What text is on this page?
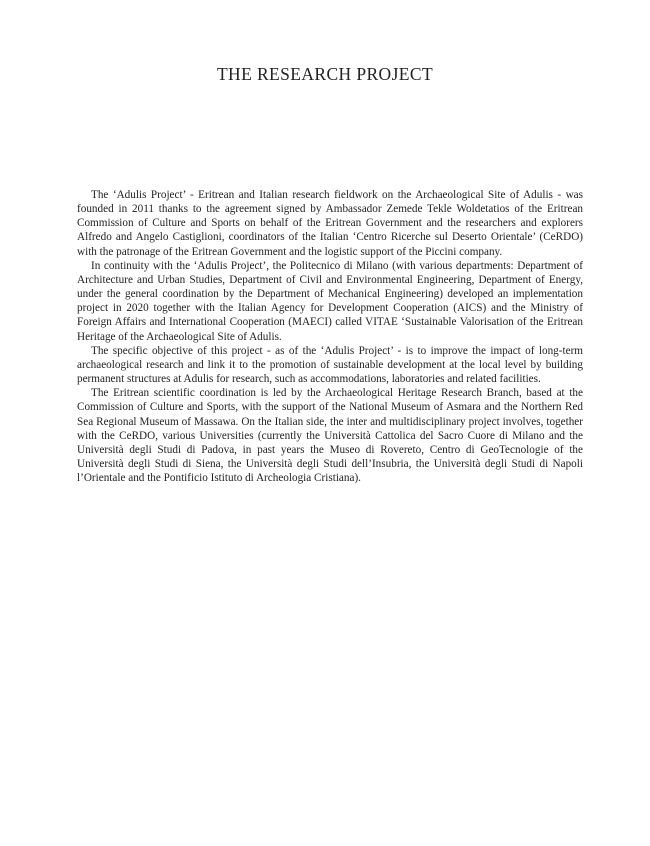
THE RESEARCH PROJECT

The ‘Adulis Project’ - Eritrean and Italian research fieldwork on the Archaeological Site of Adulis - was founded in 2011 thanks to the agreement signed by Ambassador Zemede Tekle Woldetatios of the Eritrean Commission of Culture and Sports on behalf of the Eritrean Government and the researchers and explorers Alfredo and Angelo Castiglioni, coordinators of the Italian ‘Centro Ricerche sul Deserto Orientale’ (CeRDO) with the patronage of the Eritrean Government and the logistic support of the Piccini company.

In continuity with the ‘Adulis Project’, the Politecnico di Milano (with various departments: Department of Architecture and Urban Studies, Department of Civil and Environmental Engineering, Department of Energy, under the general coordination by the Department of Mechanical Engineering) developed an implementation project in 2020 together with the Italian Agency for Development Cooperation (AICS) and the Ministry of Foreign Affairs and International Cooperation (MAECI) called VITAE ‘Sustainable Valorisation of the Eritrean Heritage of the Archaeological Site of Adulis.

The specific objective of this project - as of the ‘Adulis Project’ - is to improve the impact of long-term archaeological research and link it to the promotion of sustainable development at the local level by building permanent structures at Adulis for research, such as accommodations, laboratories and related facilities.

The Eritrean scientific coordination is led by the Archaeological Heritage Research Branch, based at the Commission of Culture and Sports, with the support of the National Museum of Asmara and the Northern Red Sea Regional Museum of Massawa. On the Italian side, the inter and multidisciplinary project involves, together with the CeRDO, various Universities (currently the Università Cattolica del Sacro Cuore di Milano and the Università degli Studi di Padova, in past years the Museo di Rovereto, Centro di GeoTecnologie of the Università degli Studi di Siena, the Università degli Studi dell’Insubria, the Università degli Studi di Napoli l’Orientale and the Pontificio Istituto di Archeologia Cristiana).
